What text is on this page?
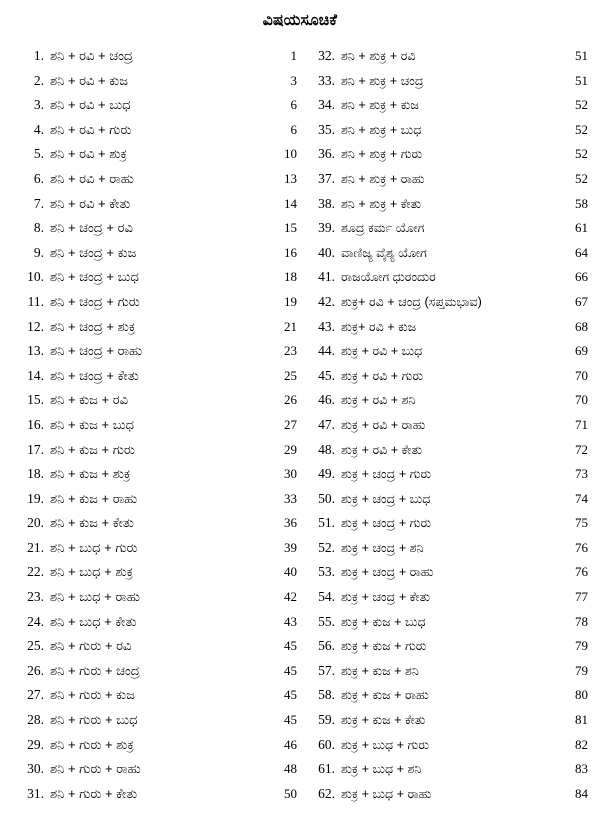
ವಿಷಯಸೂಚಿಕೆ
1. ಶನಿ + ರವಿ + ಚಂದ್ರ	1
2. ಶನಿ + ರವಿ + ಕುಜ	3
3. ಶನಿ + ರವಿ + ಬುಧ	6
4. ಶನಿ + ರವಿ + ಗುರು	6
5. ಶನಿ + ರವಿ + ಶುಕ್ರ	10
6. ಶನಿ + ರವಿ + ರಾಹು	13
7. ಶನಿ + ರವಿ + ಕೇತು	14
8. ಶನಿ + ಚಂದ್ರ + ರವಿ	15
9. ಶನಿ + ಚಂದ್ರ + ಕುಜ	16
10. ಶನಿ + ಚಂದ್ರ + ಬುಧ	18
11. ಶನಿ + ಚಂದ್ರ + ಗುರು	19
12. ಶನಿ + ಚಂದ್ರ + ಶುಕ್ರ	21
13. ಶನಿ + ಚಂದ್ರ + ರಾಹು	23
14. ಶನಿ + ಚಂದ್ರ + ಕೇತು	25
15. ಶನಿ + ಕುಜ + ರವಿ	26
16. ಶನಿ + ಕುಜ + ಬುಧ	27
17. ಶನಿ + ಕುಜ + ಗುರು	29
18. ಶನಿ + ಕುಜ + ಶುಕ್ರ	30
19. ಶನಿ + ಕುಜ + ರಾಹು	33
20. ಶನಿ + ಕುಜ + ಕೇತು	36
21. ಶನಿ + ಬುಧ + ಗುರು	39
22. ಶನಿ + ಬುಧ + ಶುಕ್ರ	40
23. ಶನಿ + ಬುಧ + ರಾಹು	42
24. ಶನಿ + ಬುಧ + ಕೇತು	43
25. ಶನಿ + ಗುರು + ರವಿ	45
26. ಶನಿ + ಗುರು + ಚಂದ್ರ	45
27. ಶನಿ + ಗುರು + ಕುಜ	45
28. ಶನಿ + ಗುರು + ಬುಧ	45
29. ಶನಿ + ಗುರು + ಶುಕ್ರ	46
30. ಶನಿ + ಗುರು + ರಾಹು	48
31. ಶನಿ + ಗುರು + ಕೇತು	50
32. ಶನಿ + ಶುಕ್ರ + ರವಿ	51
33. ಶನಿ + ಶುಕ್ರ + ಚಂದ್ರ	51
34. ಶನಿ + ಶುಕ್ರ + ಕುಜ	52
35. ಶನಿ + ಶುಕ್ರ + ಬುಧ	52
36. ಶನಿ + ಶುಕ್ರ + ಗುರು	52
37. ಶನಿ + ಶುಕ್ರ + ರಾಹು	52
38. ಶನಿ + ಶುಕ್ರ + ಕೇತು	58
39. ಶೂದ್ರ ಕರ್ಮ ಯೋಗ	61
40. ವಾಣಿಜ್ಯ ವೈಶ್ಯ ಯೋಗ	64
41. ರಾಜಯೋಗ ಧುರಂದುರ	66
42. ಶುಕ್ರ+ ರವಿ + ಚಂದ್ರ (ಸಪ್ತಮಭಾವ)	67
43. ಶುಕ್ರ+ ರವಿ + ಕುಜ	68
44. ಶುಕ್ರ + ರವಿ + ಬುಧ	69
45. ಶುಕ್ರ + ರವಿ + ಗುರು	70
46. ಶುಕ್ರ + ರವಿ + ಶನಿ	70
47. ಶುಕ್ರ + ರವಿ + ರಾಹು	71
48. ಶುಕ್ರ + ರವಿ + ಕೇತು	72
49. ಶುಕ್ರ + ಚಂದ್ರ + ಗುರು	73
50. ಶುಕ್ರ + ಚಂದ್ರ + ಬುಧ	74
51. ಶುಕ್ರ + ಚಂದ್ರ + ಗುರು	75
52. ಶುಕ್ರ + ಚಂದ್ರ + ಶನಿ	76
53. ಶುಕ್ರ + ಚಂದ್ರ + ರಾಹು	76
54. ಶುಕ್ರ + ಚಂದ್ರ + ಕೇತು	77
55. ಶುಕ್ರ + ಕುಜ + ಬುಧ	78
56. ಶುಕ್ರ + ಕುಜ + ಗುರು	79
57. ಶುಕ್ರ + ಕುಜ + ಶನಿ	79
58. ಶುಕ್ರ + ಕುಜ + ರಾಹು	80
59. ಶುಕ್ರ + ಕುಜ + ಕೇತು	81
60. ಶುಕ್ರ + ಬುಧ + ಗುರು	82
61. ಶುಕ್ರ + ಬುಧ + ಶನಿ	83
62. ಶುಕ್ರ + ಬುಧ + ರಾಹು	84
